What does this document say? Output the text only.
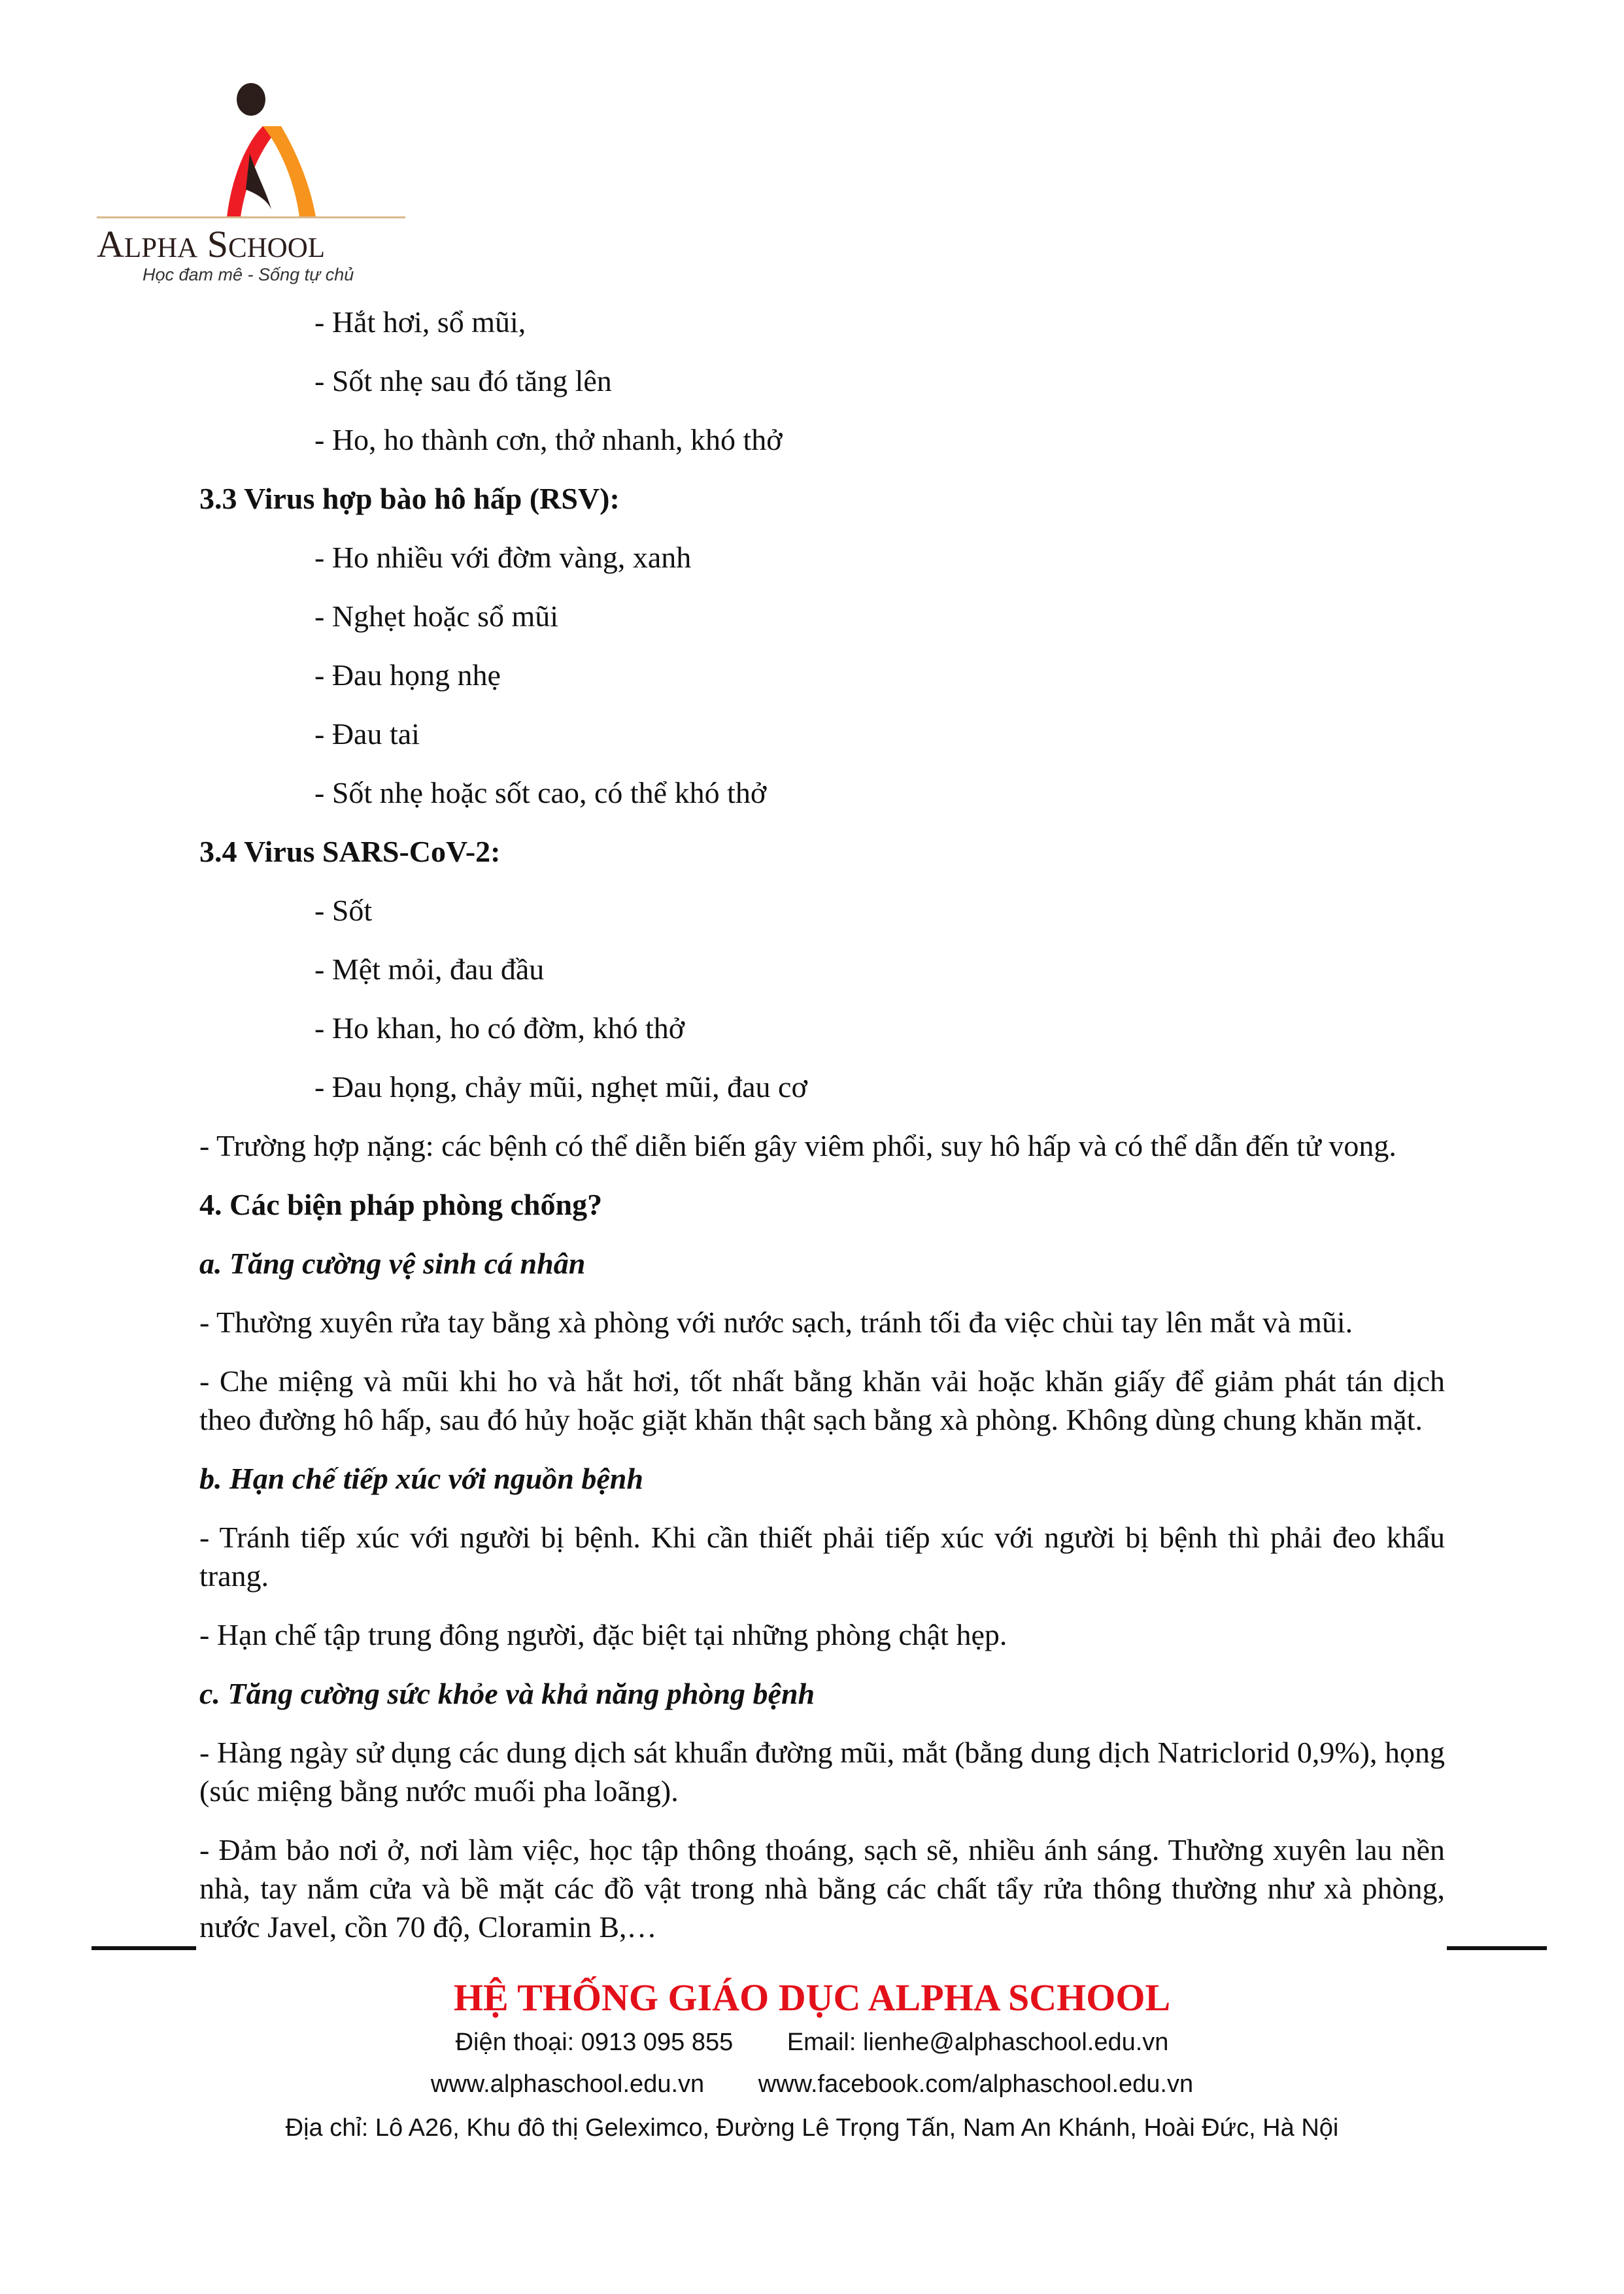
ALPHA SCHOOL
Học đam mê - Sống tự chủ
- Hắt hơi, sổ mũi,
- Sốt nhẹ sau đó tăng lên
- Ho, ho thành cơn, thở nhanh, khó thở
3.3 Virus hợp bào hô hấp (RSV):
- Ho nhiều với đờm vàng, xanh
- Nghẹt hoặc sổ mũi
- Đau họng nhẹ
- Đau tai
- Sốt nhẹ hoặc sốt cao, có thể khó thở
3.4 Virus SARS-CoV-2:
- Sốt
- Mệt mỏi, đau đầu
- Ho khan, ho có đờm, khó thở
- Đau họng, chảy mũi, nghẹt mũi, đau cơ
- Trường hợp nặng: các bệnh có thể diễn biến gây viêm phổi, suy hô hấp và có thể dẫn đến tử vong.
4. Các biện pháp phòng chống?
a. Tăng cường vệ sinh cá nhân
- Thường xuyên rửa tay bằng xà phòng với nước sạch, tránh tối đa việc chùi tay lên mắt và mũi.
- Che miệng và mũi khi ho và hắt hơi, tốt nhất bằng khăn vải hoặc khăn giấy để giảm phát tán dịch theo đường hô hấp, sau đó hủy hoặc giặt khăn thật sạch bằng xà phòng. Không dùng chung khăn mặt.
b. Hạn chế tiếp xúc với nguồn bệnh
- Tránh tiếp xúc với người bị bệnh. Khi cần thiết phải tiếp xúc với người bị bệnh thì phải đeo khẩu trang.
- Hạn chế tập trung đông người, đặc biệt tại những phòng chật hẹp.
c. Tăng cường sức khỏe và khả năng phòng bệnh
- Hàng ngày sử dụng các dung dịch sát khuẩn đường mũi, mắt (bằng dung dịch Natriclorid 0,9%), họng (súc miệng bằng nước muối pha loãng).
- Đảm bảo nơi ở, nơi làm việc, học tập thông thoáng, sạch sẽ, nhiều ánh sáng. Thường xuyên lau nền nhà, tay nắm cửa và bề mặt các đồ vật trong nhà bằng các chất tẩy rửa thông thường như xà phòng, nước Javel, cồn 70 độ, Cloramin B,…
HỆ THỐNG GIÁO DỤC ALPHA SCHOOL
Điện thoại: 0913 095 855 Email: lienhe@alphaschool.edu.vn
www.alphaschool.edu.vn www.facebook.com/alphaschool.edu.vn
Địa chỉ: Lô A26, Khu đô thị Geleximco, Đường Lê Trọng Tấn, Nam An Khánh, Hoài Đức, Hà Nội
